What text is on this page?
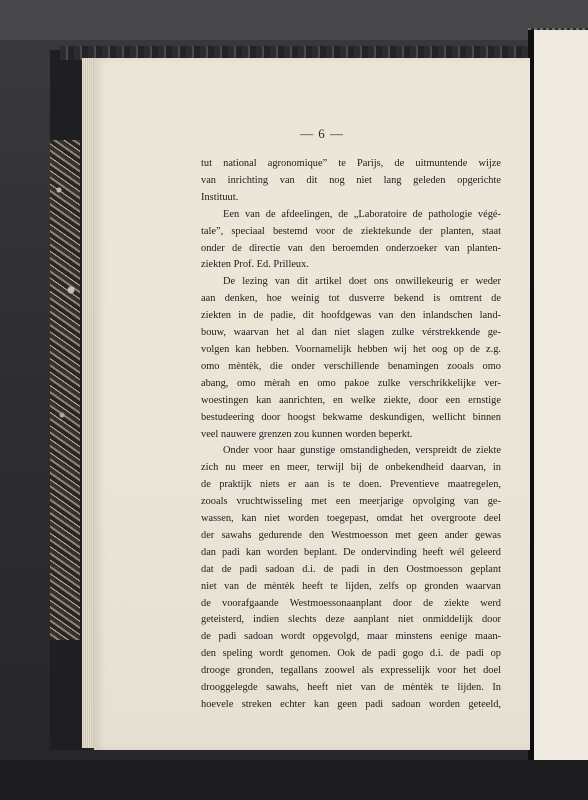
— 6 —
tut national agronomique” te Parijs, de uitmuntende wijze
van inrichting van dit nog niet lang geleden opgerichte
Instituut.
Een van de afdeelingen, de „Laboratoire de pathologie végé-
tale”, speciaal bestemd voor de ziektekunde der planten, staat
onder de directie van den beroemden onderzoeker van planten-
ziekten Prof. Ed. Prilleux.
De lezing van dit artikel doet ons onwillekeurig er weder
aan denken, hoe weinig tot dusverre bekend is omtrent de
ziekten in de padie, dit hoofdgewas van den inlandschen land-
bouw, waarvan het al dan niet slagen zulke vérstrekkende ge-
volgen kan hebben. Voornamelijk hebben wij het oog op de z.g.
omo mèntèk, die onder verschillende benamingen zooals omo
abang, omo mèrah en omo pakoe zulke verschrikkelijke ver-
woestingen kan aanrichten, en welke ziekte, door een ernstige
bestudeering door hoogst bekwame deskundigen, wellicht binnen
veel nauwere grenzen zou kunnen worden beperkt.
Onder voor haar gunstige omstandigheden, verspreidt de ziekte
zich nu meer en meer, terwijl bij de onbekendheid daarvan, in
de praktijk niets er aan is te doen. Preventieve maatregelen,
zooals vruchtwisseling met een meerjarige opvolging van ge-
wassen, kan niet worden toegepast, omdat het overgroote deel
der sawahs gedurende den Westmoesson met geen ander gewas
dan padi kan worden beplant. De ondervinding heeft wél geleerd
dat de padi sadoan d.i. de padi in den Oostmoesson geplant
niet van de mèntèk heeft te lijden, zelfs op gronden waarvan
de voorafgaande Westmoessonaanplant door de ziekte werd
geteisterd, indien slechts deze aanplant niet onmiddelijk door
de padi sadoan wordt opgevolgd, maar minstens eenige maan-
den speling wordt genomen. Ook de padi gogo d.i. de padi op
drooge gronden, tegallans zoowel als expresselijk voor het doel
drooggelegde sawahs, heeft niet van de mèntèk te lijden. In
hoevele streken echter kan geen padi sadoan worden geteeld,
